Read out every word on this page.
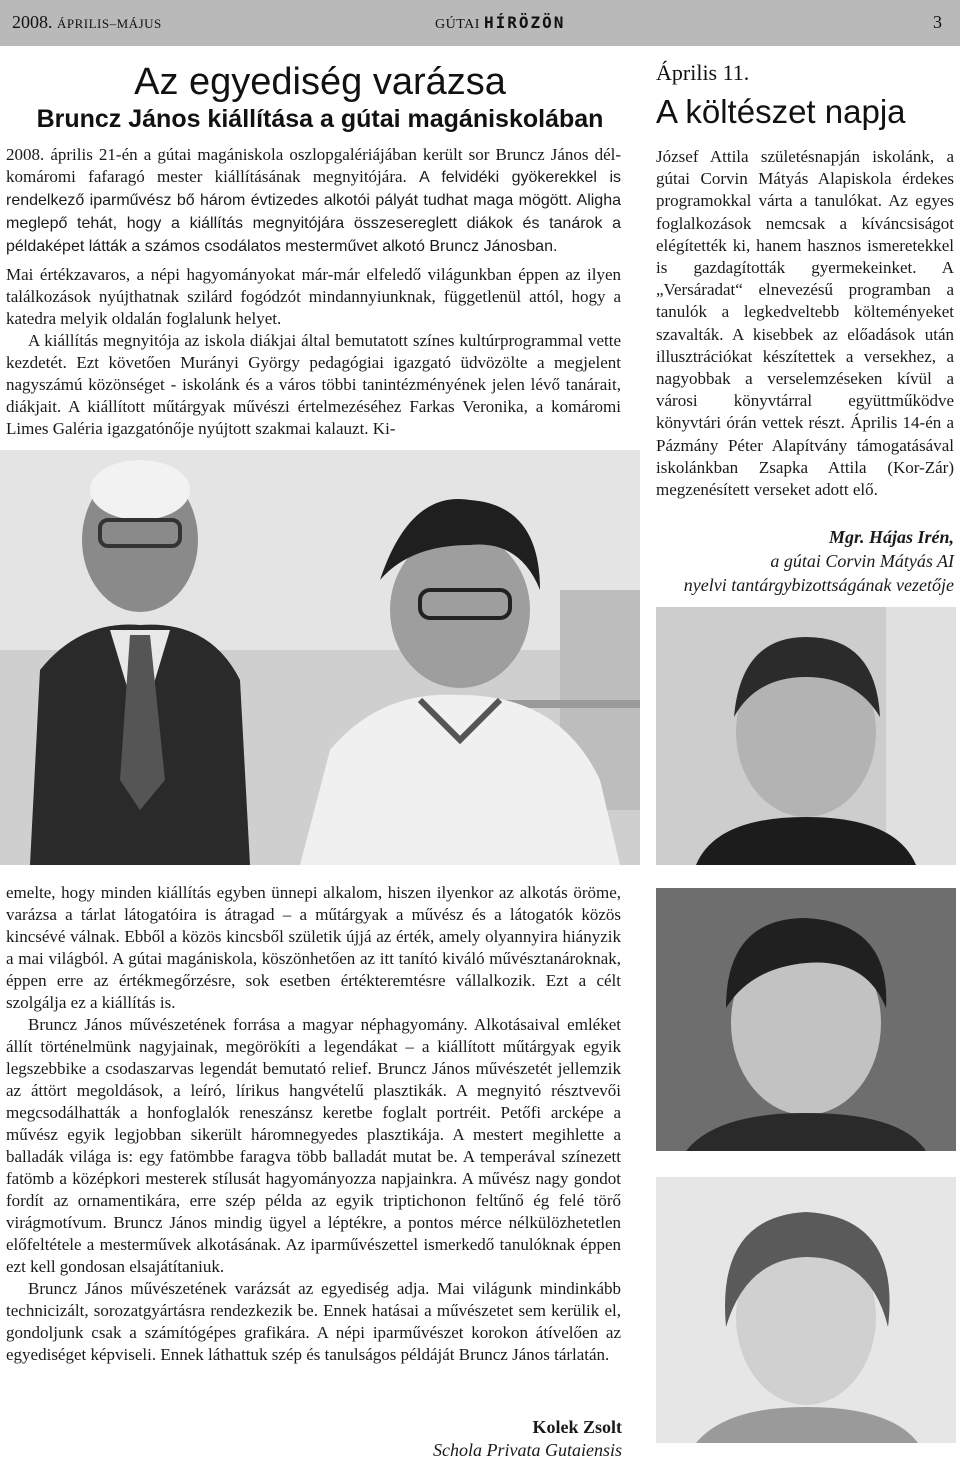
2008. ÁPRILIS–MÁJUS	GÚTAI HÍRÖZÖN	3
Az egyediség varázsa
Bruncz János kiállítása a gútai magániskolában

2008. április 21-én a gútai magániskola oszlopgalériájában került sor Bruncz János dél-komáromi fafaragó mester kiállításának megnyitójára. A felvidéki gyökerekkel is rendelkező iparművész bő három évtizedes alkotói pályát tudhat maga mögött. Aligha meglepő tehát, hogy a kiállítás megnyitójára összesereglett diákok és tanárok a példaképet látták a számos csodálatos mesterművet alkotó Bruncz Jánosban.

Mai értékzavaros, a népi hagyományokat már-már elfeledő világunkban éppen az ilyen találkozások nyújthatnak szilárd fogódzót mindannyiunknak, függetlenül attól, hogy a katedra melyik oldalán foglalunk helyet.

A kiállítás megnyitója az iskola diákjai által bemutatott színes kultúrprogrammal vette kezdetét. Ezt követően Murányi György pedagógiai igazgató üdvözölte a megjelent nagyszámú közönséget - iskolánk és a város többi tanintézményének jelen lévő tanárait, diákjait. A kiállított műtárgyak művészi értelmezéséhez Farkas Veronika, a komáromi Limes Galéria igazgatónője nyújtott szakmai kalauzt. Ki-

emelte, hogy minden kiállítás egyben ünnepi alkalom, hiszen ilyenkor az alkotás öröme, varázsa a tárlat látogatóira is átragad – a műtárgyak a művész és a látogatók közös kincsévé válnak. Ebből a közös kincsből születik újjá az érték, amely olyannyira hiányzik a mai világból. A gútai magániskola, köszönhetően az itt tanító kiváló művésztanároknak, éppen erre az értékmegőrzésre, sok esetben értékteremtésre vállalkozik. Ezt a célt szolgálja ez a kiállítás is.

Bruncz János művészetének forrása a magyar néphagyomány. Alkotásaival emléket állít történelmünk nagyjainak, megörökíti a legendákat – a kiállított műtárgyak egyik legszebbike a csodaszarvas legendát bemutató relief. Bruncz János művészetét jellemzik az áttört megoldások, a leíró, lírikus hangvételű plasztikák. A megnyitó résztvevői megcsodálhatták a honfoglalók reneszánsz keretbe foglalt portréit. Petőfi arcképe a művész egyik legjobban sikerült háromnegyedes plasztikája. A mestert megihlette a balladák világa is: egy fatömbbe faragva több balladát mutat be. A temperával színezett fatömb a középkori mesterek stílusát hagyományozza napjainkra. A művész nagy gondot fordít az ornamentikára, erre szép példa az egyik triptichonon feltűnő ég felé törő virágmotívum. Bruncz János mindig ügyel a léptékre, a pontos mérce nélkülözhetetlen előfeltétele a mesterművek alkotásának. Az iparművészettel ismerkedő tanulóknak éppen ezt kell gondosan elsajátítaniuk.

Bruncz János művészetének varázsát az egyediség adja. Mai világunk mindinkább technicizált, sorozatgyártásra rendezkezik be. Ennek hatásai a művészetet sem kerülik el, gondoljunk csak a számítógépes grafikára. A népi iparművészet korokon átívelően az egyediséget képviseli. Ennek láthattuk szép és tanulságos példáját Bruncz János tárlatán.

Kolek Zsolt
Schola Privata Gutaiensis
Április 11.
A költészet napja

József Attila születésnapján iskolánk, a gútai Corvin Mátyás Alapiskola érdekes programokkal várta a tanulókat. Az egyes foglalkozások nemcsak a kíváncsiságot elégítették ki, hanem hasznos ismeretekkel is gazdagították gyermekeinket. A „Versáradat“ elnevezésű programban a tanulók a legkedveltebb költeményeket szavalták. A kisebbek az előadások után illusztrációkat készítettek a versekhez, a nagyobbak a verselemzéseken kívül a városi könyvtárral együttműködve könyvtári órán vettek részt. Április 14-én a Pázmány Péter Alapítvány támogatásával iskolánkban Zsapka Attila (Kor-Zár) megzenésített verseket adott elő.

Mgr. Hájas Irén,
a gútai Corvin Mátyás AI
nyelvi tantárgybizottságának vezetője
